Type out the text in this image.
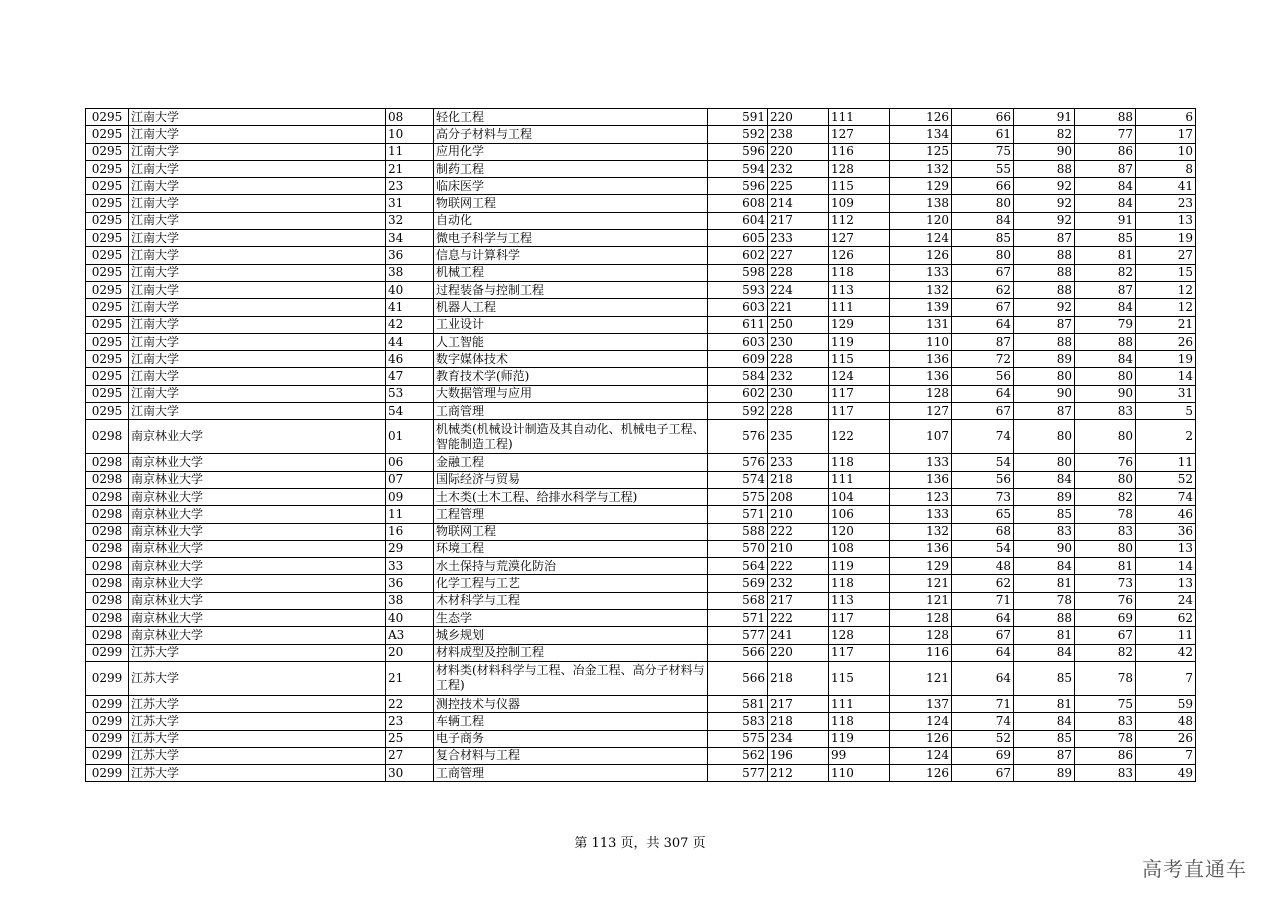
0295	江南大学	08	轻化工程	591	220	111	126	66	91	88	6
0295	江南大学	10	高分子材料与工程	592	238	127	134	61	82	77	17
0295	江南大学	11	应用化学	596	220	116	125	75	90	86	10
0295	江南大学	21	制药工程	594	232	128	132	55	88	87	8
0295	江南大学	23	临床医学	596	225	115	129	66	92	84	41
0295	江南大学	31	物联网工程	608	214	109	138	80	92	84	23
0295	江南大学	32	自动化	604	217	112	120	84	92	91	13
0295	江南大学	34	微电子科学与工程	605	233	127	124	85	87	85	19
0295	江南大学	36	信息与计算科学	602	227	126	126	80	88	81	27
0295	江南大学	38	机械工程	598	228	118	133	67	88	82	15
0295	江南大学	40	过程装备与控制工程	593	224	113	132	62	88	87	12
0295	江南大学	41	机器人工程	603	221	111	139	67	92	84	12
0295	江南大学	42	工业设计	611	250	129	131	64	87	79	21
0295	江南大学	44	人工智能	603	230	119	110	87	88	88	26
0295	江南大学	46	数字媒体技术	609	228	115	136	72	89	84	19
0295	江南大学	47	教育技术学(师范)	584	232	124	136	56	80	80	14
0295	江南大学	53	大数据管理与应用	602	230	117	128	64	90	90	31
0295	江南大学	54	工商管理	592	228	117	127	67	87	83	5
0298	南京林业大学	01	机械类(机械设计制造及其自动化、机械电子工程、智能制造工程)	576	235	122	107	74	80	80	2
0298	南京林业大学	06	金融工程	576	233	118	133	54	80	76	11
0298	南京林业大学	07	国际经济与贸易	574	218	111	136	56	84	80	52
0298	南京林业大学	09	土木类(土木工程、给排水科学与工程)	575	208	104	123	73	89	82	74
0298	南京林业大学	11	工程管理	571	210	106	133	65	85	78	46
0298	南京林业大学	16	物联网工程	588	222	120	132	68	83	83	36
0298	南京林业大学	29	环境工程	570	210	108	136	54	90	80	13
0298	南京林业大学	33	水土保持与荒漠化防治	564	222	119	129	48	84	81	14
0298	南京林业大学	36	化学工程与工艺	569	232	118	121	62	81	73	13
0298	南京林业大学	38	木材科学与工程	568	217	113	121	71	78	76	24
0298	南京林业大学	40	生态学	571	222	117	128	64	88	69	62
0298	南京林业大学	A3	城乡规划	577	241	128	128	67	81	67	11
0299	江苏大学	20	材料成型及控制工程	566	220	117	116	64	84	82	42
0299	江苏大学	21	材料类(材料科学与工程、冶金工程、高分子材料与工程)	566	218	115	121	64	85	78	7
0299	江苏大学	22	测控技术与仪器	581	217	111	137	71	81	75	59
0299	江苏大学	23	车辆工程	583	218	118	124	74	84	83	48
0299	江苏大学	25	电子商务	575	234	119	126	52	85	78	26
0299	江苏大学	27	复合材料与工程	562	196	99	124	69	87	86	7
0299	江苏大学	30	工商管理	577	212	110	126	67	89	83	49
第 113 页，共 307 页
高考直通车
